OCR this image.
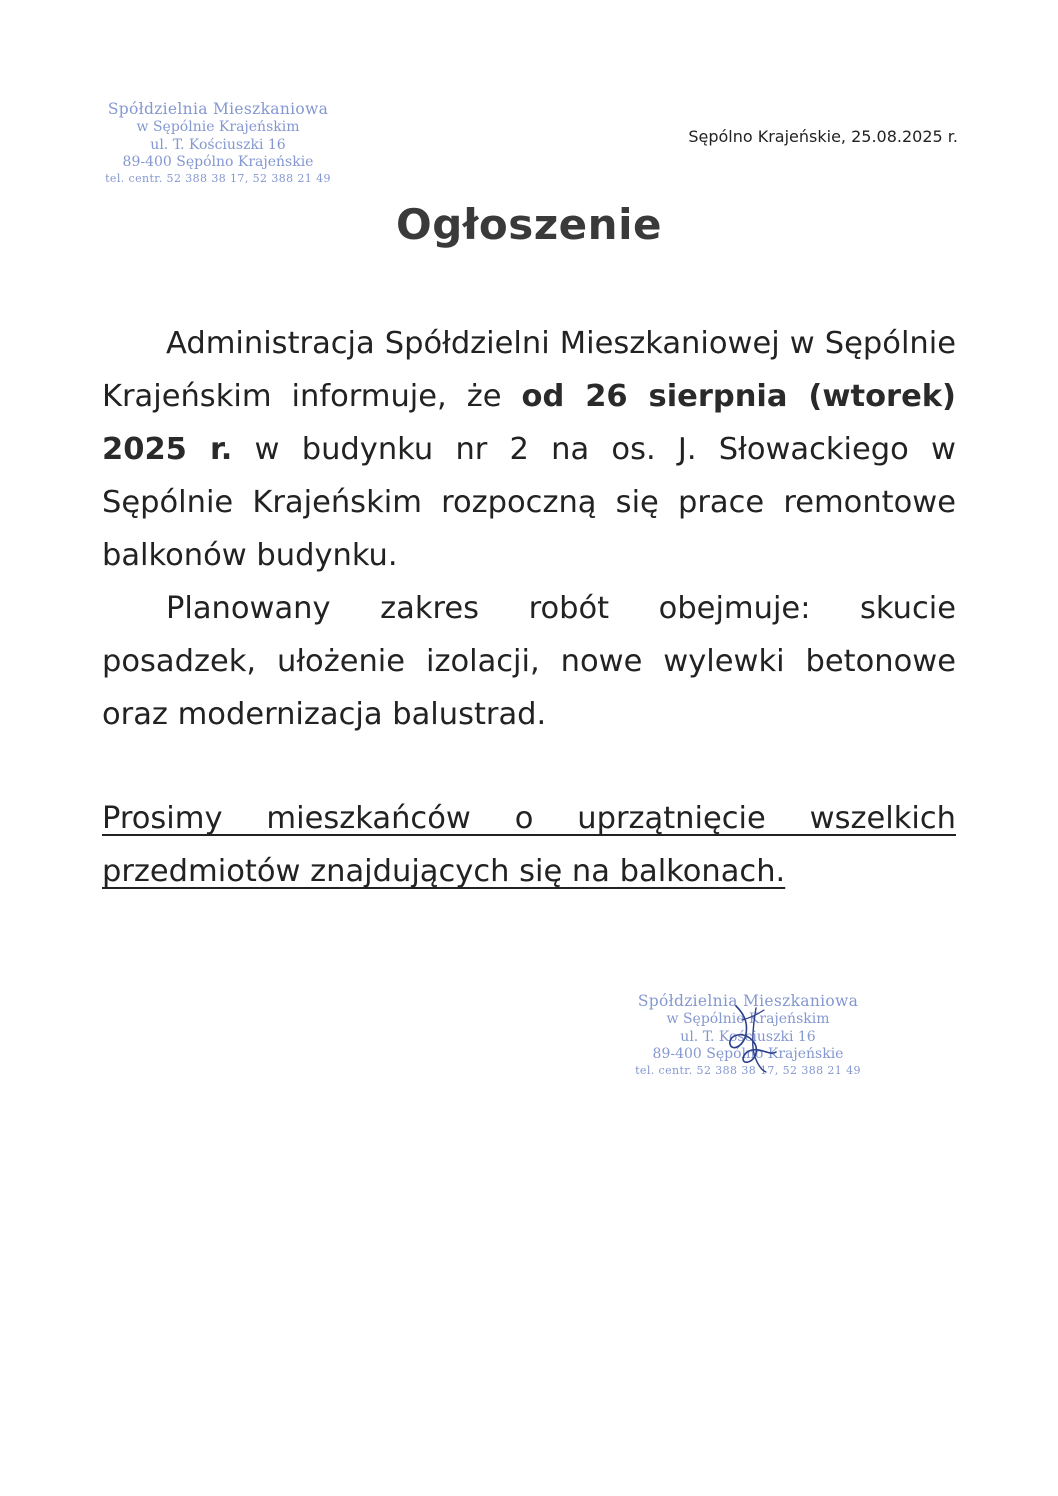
Spółdzielnia Mieszkaniowa
w Sępólnie Krajeńskim
ul. T. Kościuszki 16
89-400 Sępólno Krajeńskie
tel. centr. 52 388 38 17, 52 388 21 49
Sępólno Krajeńskie, 25.08.2025 r.
Ogłoszenie

Administracja Spółdzielni Mieszkaniowej w Sępólnie Krajeńskim informuje, że od 26 sierpnia (wtorek) 2025 r. w budynku nr 2 na os. J. Słowackiego w Sępólnie Krajeńskim rozpoczną się prace remontowe balkonów budynku.

Planowany zakres robót obejmuje: skucie posadzek, ułożenie izolacji, nowe wylewki betonowe oraz modernizacja balustrad.

Prosimy mieszkańców o uprzątnięcie wszelkich przedmiotów znajdujących się na balkonach.

Spółdzielnia Mieszkaniowa
w Sępólnie Krajeńskim
ul. T. Kościuszki 16
89-400 Sępólno Krajeńskie
tel. centr. 52 388 38 17, 52 388 21 49
